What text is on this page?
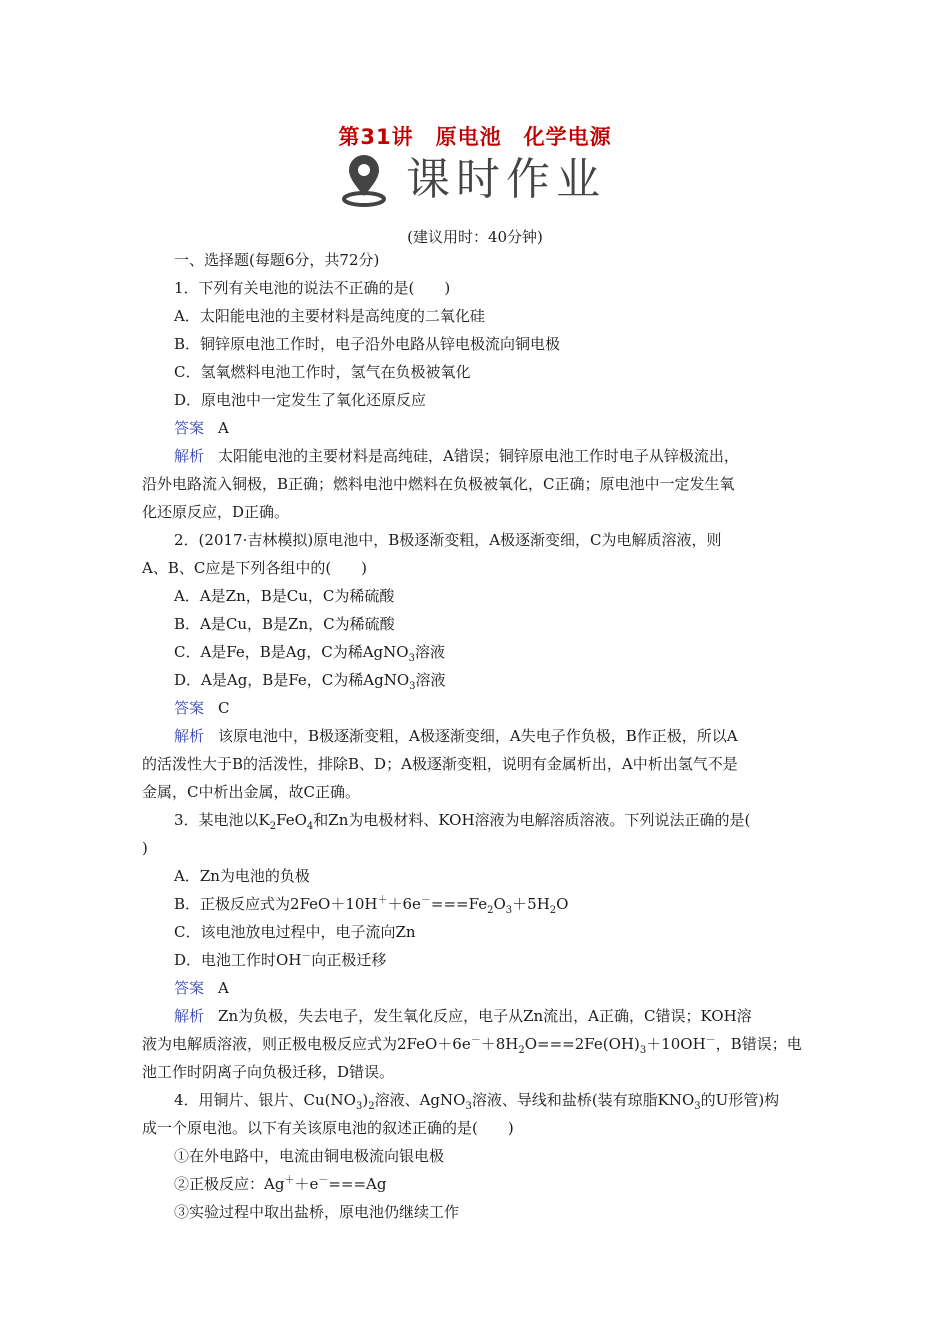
第31讲　原电池　化学电源
课时作业
(建议用时：40分钟)
一、选择题(每题6分，共72分)
1．下列有关电池的说法不正确的是(　　)
A．太阳能电池的主要材料是高纯度的二氧化硅
B．铜锌原电池工作时，电子沿外电路从锌电极流向铜电极
C．氢氧燃料电池工作时，氢气在负极被氧化
D．原电池中一定发生了氧化还原反应
答案 A
解析 太阳能电池的主要材料是高纯硅，A错误；铜锌原电池工作时电子从锌极流出，
沿外电路流入铜极，B正确；燃料电池中燃料在负极被氧化，C正确；原电池中一定发生氧
化还原反应，D正确。
2．(2017·吉林模拟)原电池中，B极逐渐变粗，A极逐渐变细，C为电解质溶液，则
A、B、C应是下列各组中的(　　)
A．A是Zn，B是Cu，C为稀硫酸
B．A是Cu，B是Zn，C为稀硫酸
C．A是Fe，B是Ag，C为稀AgNO$_3$溶液
D．A是Ag，B是Fe，C为稀AgNO$_3$溶液
答案 C
解析 该原电池中，B极逐渐变粗，A极逐渐变细，A失电子作负极，B作正极，所以A
的活泼性大于B的活泼性，排除B、D；A极逐渐变粗，说明有金属析出，A中析出氢气不是
金属，C中析出金属，故C正确。
3．某电池以$K_2FeO_4$和Zn为电极材料、KOH溶液为电解溶质溶液。下列说法正确的是(
)
A．Zn为电池的负极
B．正极反应式为$2FeO+10H^++6e^-===Fe_2O_3+5H_2O$
C．该电池放电过程中，电子流向Zn
D．电池工作时OH－向正极迁移
答案 A
解析 Zn为负极，失去电子，发生氧化反应，电子从Zn流出，A正确，C错误；KOH溶
液为电解质溶液，则正极电极反应式为$2FeO+6e^-+8H_2O===2Fe(OH)_3+10OH^-$，B错误；电
池工作时阴离子向负极迁移，D错误。
4．用铜片、银片、$Cu(NO_3)_2$溶液、AgNO$_3$溶液、导线和盐桥(装有琼脂$KNO_3$的U形管)构
成一个原电池。以下有关该原电池的叙述正确的是(　　)
①在外电路中，电流由铜电极流向银电极
②正极反应：Ag＋＋e－===Ag
③实验过程中取出盐桥，原电池仍继续工作
